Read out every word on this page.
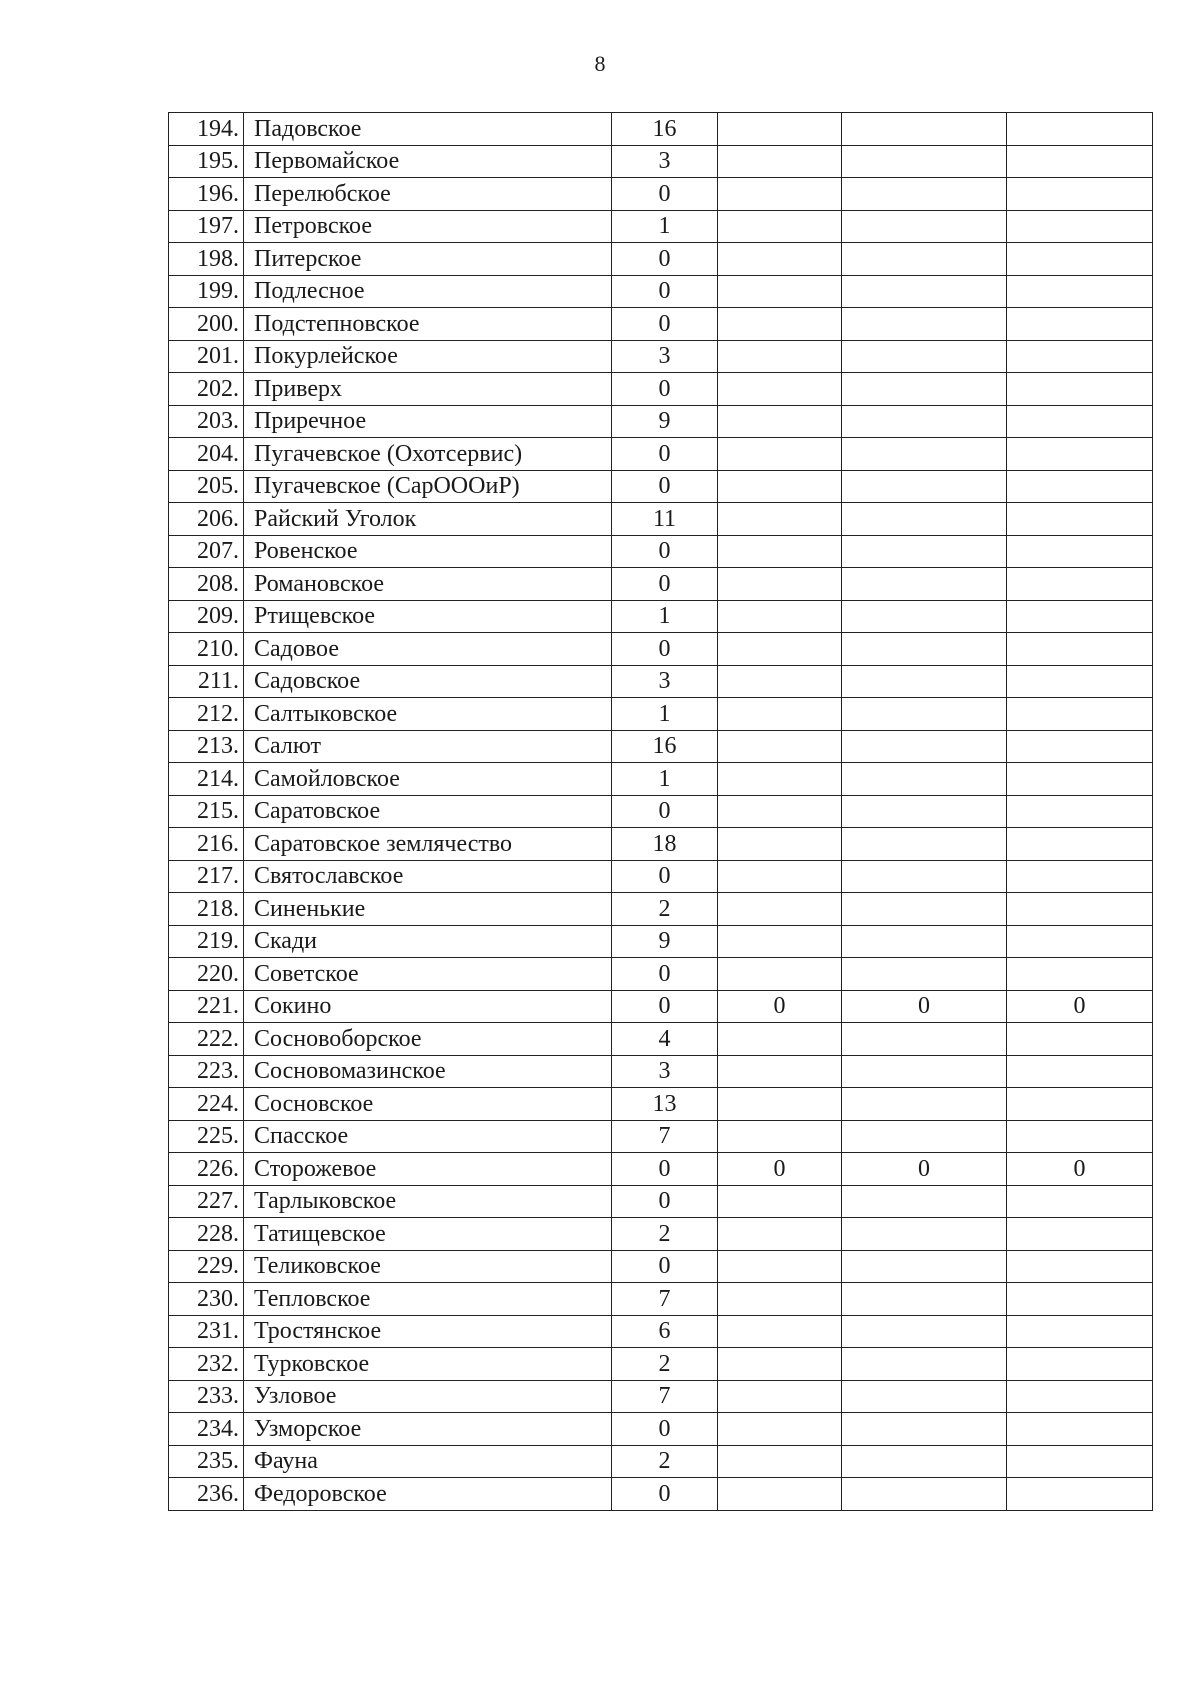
8
194.	Падовское	16			
195.	Первомайское	3			
196.	Перелюбское	0			
197.	Петровское	1			
198.	Питерское	0			
199.	Подлесное	0			
200.	Подстепновское	0			
201.	Покурлейское	3			
202.	Приверх	0			
203.	Приречное	9			
204.	Пугачевское (Охотсервис)	0			
205.	Пугачевское (СарОООиР)	0			
206.	Райский Уголок	11			
207.	Ровенское	0			
208.	Романовское	0			
209.	Ртищевское	1			
210.	Садовое	0			
211.	Садовское	3			
212.	Салтыковское	1			
213.	Салют	16			
214.	Самойловское	1			
215.	Саратовское	0			
216.	Саратовское землячество	18			
217.	Святославское	0			
218.	Синенькие	2			
219.	Скади	9			
220.	Советское	0			
221.	Сокино	0	0	0	0
222.	Сосновоборское	4			
223.	Сосновомазинское	3			
224.	Сосновское	13			
225.	Спасское	7			
226.	Сторожевое	0	0	0	0
227.	Тарлыковское	0			
228.	Татищевское	2			
229.	Теликовское	0			
230.	Тепловское	7			
231.	Тростянское	6			
232.	Турковское	2			
233.	Узловое	7			
234.	Узморское	0			
235.	Фауна	2			
236.	Федоровское	0			
